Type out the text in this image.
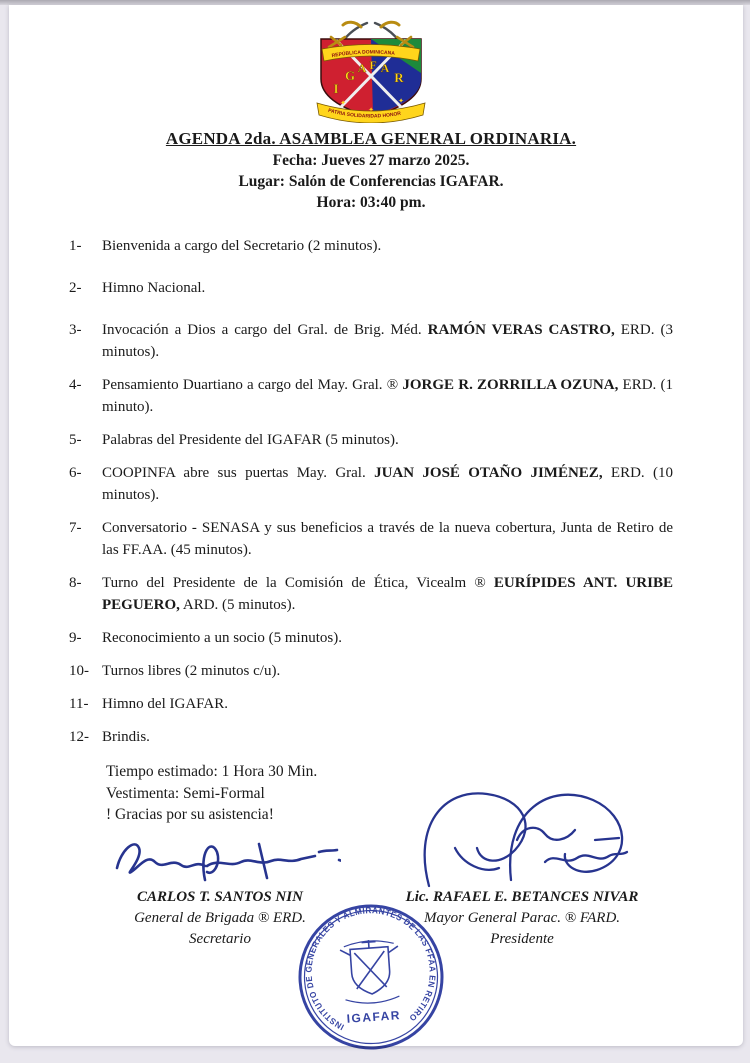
REPÚBLICA DOMINICANA
I
G A F A
R
✦	✦
✦
PATRIA SOLIDARIDAD HONOR
AGENDA 2da. ASAMBLEA GENERAL ORDINARIA.
Fecha: Jueves 27 marzo 2025.
Lugar: Salón de Conferencias IGAFAR.
Hora: 03:40 pm.
1- Bienvenida a cargo del Secretario (2 minutos).
2- Himno Nacional.
3- Invocación a Dios a cargo del Gral. de Brig. Méd. RAMÓN VERAS CASTRO, ERD. (3 minutos).
4- Pensamiento Duartiano a cargo del May. Gral. ® JORGE R. ZORRILLA OZUNA, ERD. (1 minuto).
5- Palabras del Presidente del IGAFAR (5 minutos).
6- COOPINFA abre sus puertas May. Gral. JUAN JOSÉ OTAÑO JIMÉNEZ, ERD. (10 minutos).
7- Conversatorio - SENASA y sus beneficios a través de la nueva cobertura, Junta de Retiro de las FF.AA. (45 minutos).
8- Turno del Presidente de la Comisión de Ética, Vicealm ® EURÍPIDES ANT. URIBE PEGUERO, ARD. (5 minutos).
9- Reconocimiento a un socio (5 minutos).
10- Turnos libres (2 minutos c/u).
11- Himno del IGAFAR.
12- Brindis.
Tiempo estimado: 1 Hora 30 Min.
Vestimenta: Semi-Formal
! Gracias por su asistencia!
CARLOS T. SANTOS NIN
General de Brigada ® ERD.
Secretario
Lic. RAFAEL E. BETANCES NIVAR
Mayor General Parac. ® FARD.
Presidente
INSTITUTO DE GENERALES Y ALMIRANTES DE LAS FFAA EN RETIRO
IGAFAR
